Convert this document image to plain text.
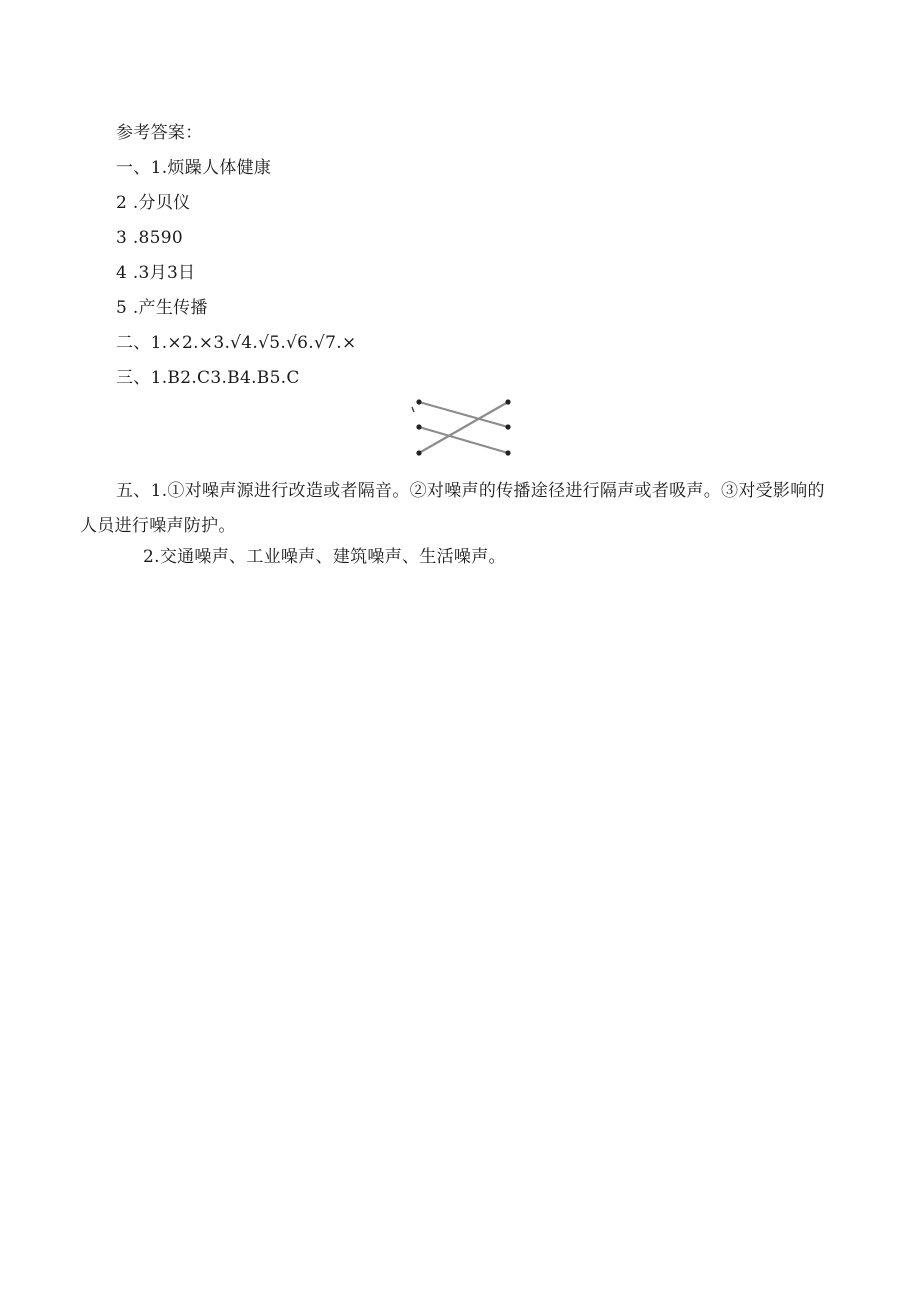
参考答案：
一、1.烦躁人体健康
2 .分贝仪
3 .8590
4 .3月3日
5 .产生传播
二、1.×2.×3.√4.√5.√6.√7.×
三、1.B2.C3.B4.B5.C
五、1.①对噪声源进行改造或者隔音。②对噪声的传播途径进行隔声或者吸声。③对受影响的人员进行噪声防护。
2.交通噪声、工业噪声、建筑噪声、生活噪声。
